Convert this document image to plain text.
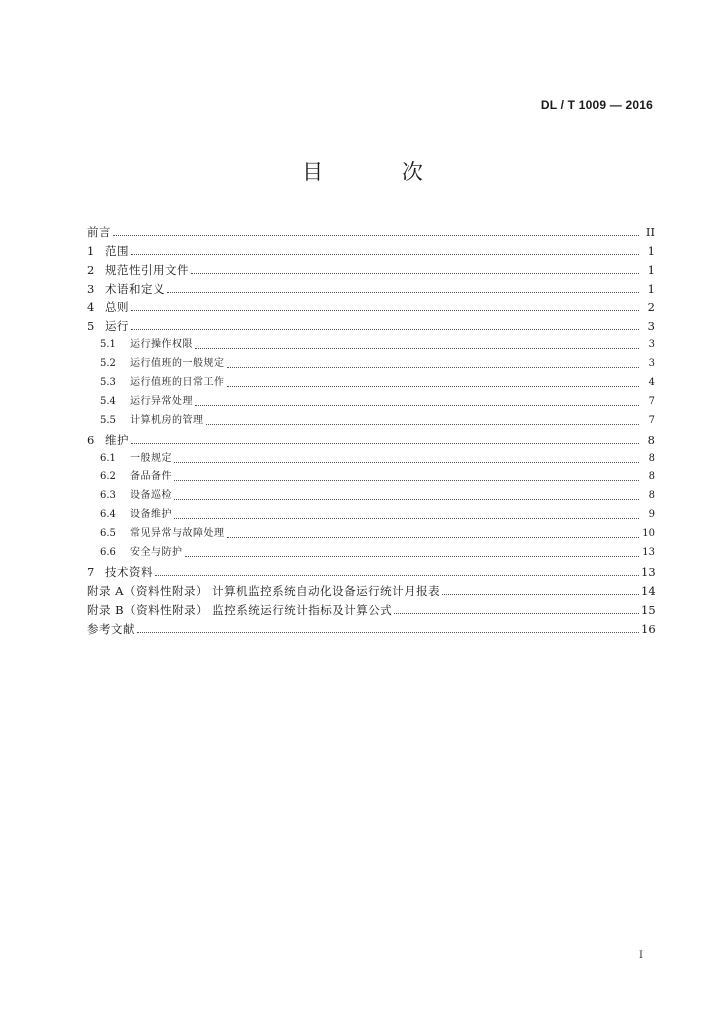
DL / T 1009 — 2016
目 次
前言	II
1 范围	1
2 规范性引用文件	1
3 术语和定义	1
4 总则	2
5 运行	3
5.1	运行操作权限	3
5.2	运行值班的一般规定	3
5.3	运行值班的日常工作	4
5.4	运行异常处理	7
5.5	计算机房的管理	7
6 维护	8
6.1	一般规定	8
6.2	备品备件	8
6.3	设备巡检	8
6.4	设备维护	9
6.5	常见异常与故障处理	10
6.6	安全与防护	13
7 技术资料	13
附录 A（资料性附录） 计算机监控系统自动化设备运行统计月报表	14
附录 B（资料性附录） 监控系统运行统计指标及计算公式	15
参考文献	16
I
